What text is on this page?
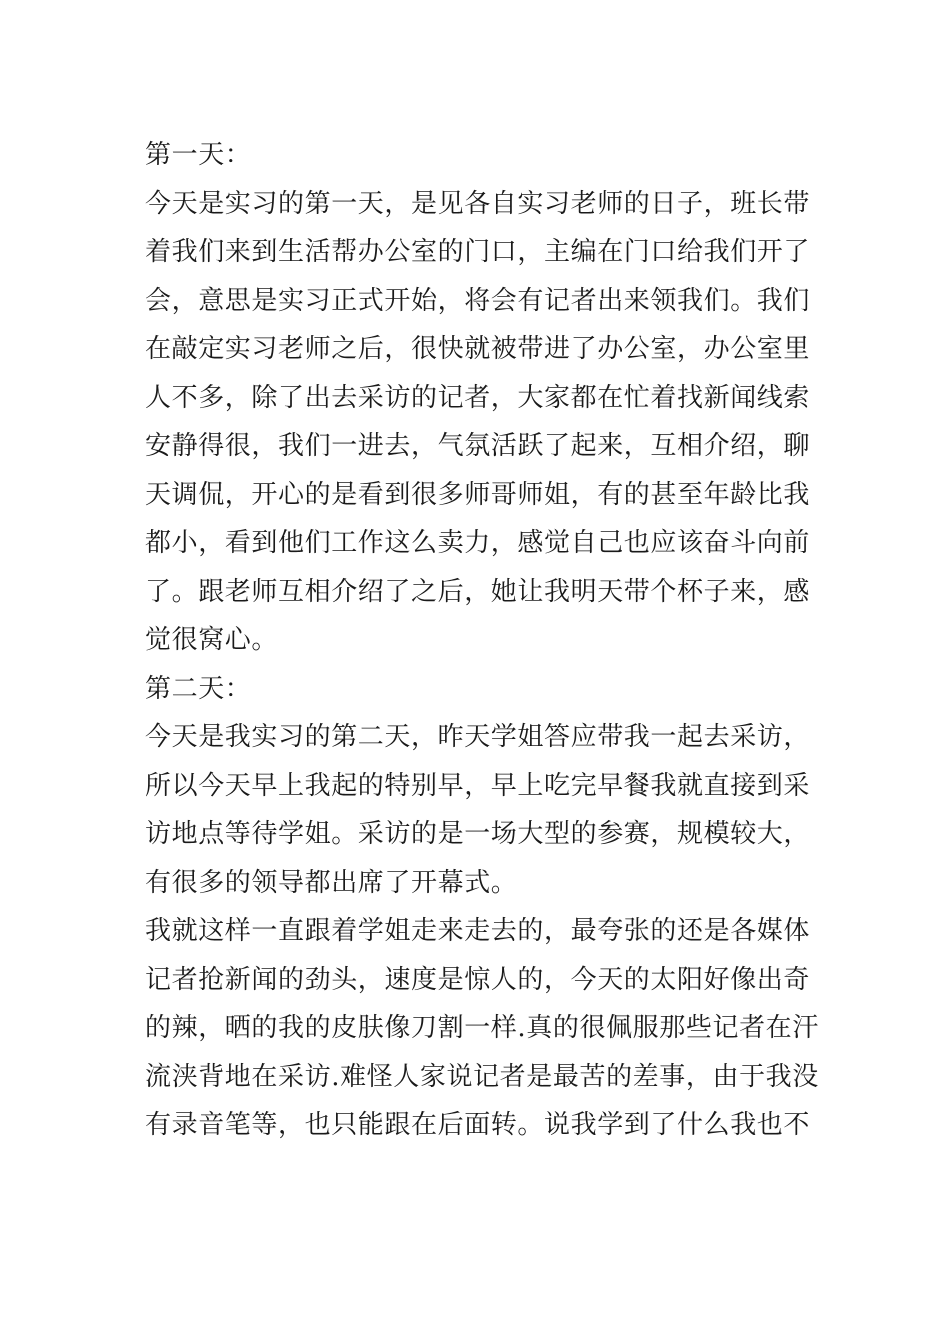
第一天：

今天是实习的第一天，是见各自实习老师的日子，班长带

着我们来到生活帮办公室的门口，主编在门口给我们开了

会，意思是实习正式开始，将会有记者出来领我们。我们

在敲定实习老师之后，很快就被带进了办公室，办公室里

人不多，除了出去采访的记者，大家都在忙着找新闻线索

安静得很，我们一进去，气氛活跃了起来，互相介绍，聊

天调侃，开心的是看到很多师哥师姐，有的甚至年龄比我

都小，看到他们工作这么卖力，感觉自己也应该奋斗向前

了。跟老师互相介绍了之后，她让我明天带个杯子来，感

觉很窝心。

第二天：

今天是我实习的第二天，昨天学姐答应带我一起去采访，

所以今天早上我起的特别早，早上吃完早餐我就直接到采

访地点等待学姐。采访的是一场大型的参赛，规模较大，

有很多的领导都出席了开幕式。

我就这样一直跟着学姐走来走去的，最夸张的还是各媒体

记者抢新闻的劲头，速度是惊人的，今天的太阳好像出奇

的辣，晒的我的皮肤像刀割一样.真的很佩服那些记者在汗

流浃背地在采访.难怪人家说记者是最苦的差事，由于我没

有录音笔等，也只能跟在后面转。说我学到了什么我也不
